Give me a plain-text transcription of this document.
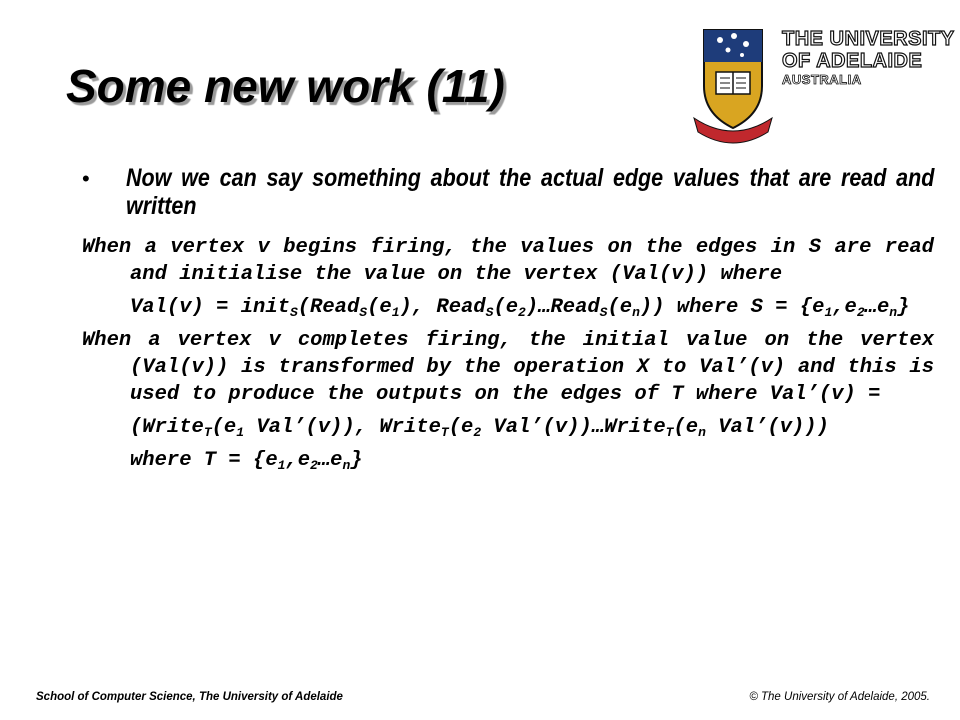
Some new work (11)
THE UNIVERSITY
OF ADELAIDE
AUSTRALIA
• Now we can say something about the actual edge values that are read and written

When a vertex v begins firing, the values on the edges in S are read and initialise the value on the vertex (Val(v)) where

$Val(v) = init_S(Read_S(e_1)$, $Read_S(e_2)\dots Read_S(e_n)$) where $S = \{e_1,e_2\dots e_n\}$

When a vertex v completes firing, the initial value on the vertex (Val(v)) is transformed by the operation X to Val’(v) and this is used to produce the outputs on the edges of T where Val’(v) =

($Write_T(e_1$ Val’(v)), $Write_T(e_2$ $Val’(v))\dots Write_T(e_n$ Val’(v)))

where $T = \{e_1,e_2\dots e_n\}$

School of Computer Science, The University of Adelaide	© The University of Adelaide, 2005.
